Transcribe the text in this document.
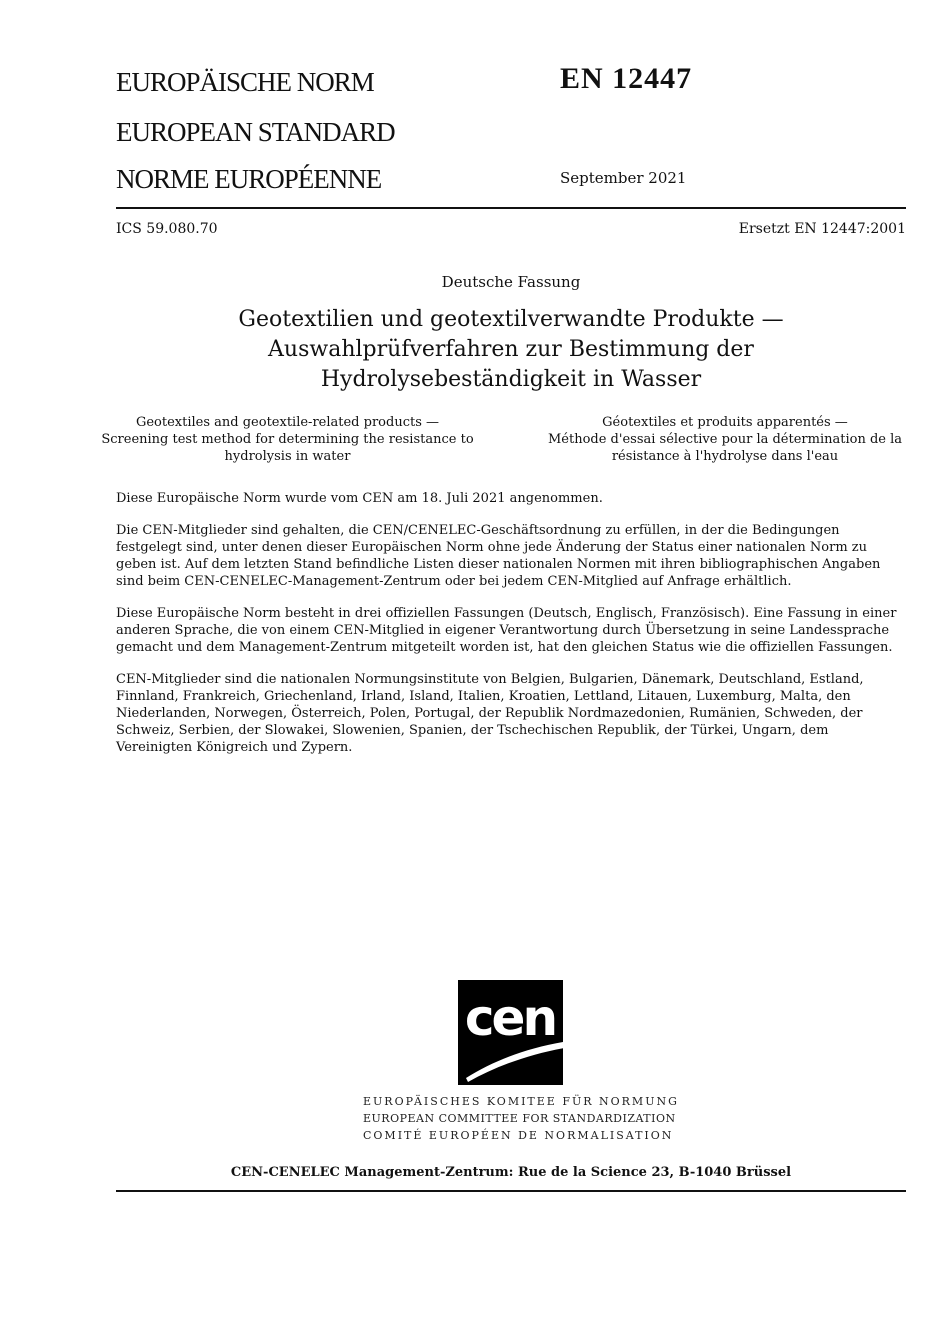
EUROPÄISCHE NORM
EUROPEAN STANDARD
NORME EUROPÉENNE
EN 12447
September 2021
ICS 59.080.70	Ersetzt EN 12447:2001
Deutsche Fassung
Geotextilien und geotextilverwandte Produkte —
Auswahlprüfverfahren zur Bestimmung der
Hydrolysebeständigkeit in Wasser
Geotextiles and geotextile-related products —
Screening test method for determining the resistance to
hydrolysis in water
Géotextiles et produits apparentés —
Méthode d'essai sélective pour la détermination de la
résistance à l'hydrolyse dans l'eau

Diese Europäische Norm wurde vom CEN am 18. Juli 2021 angenommen.

Die CEN-Mitglieder sind gehalten, die CEN/CENELEC-Geschäftsordnung zu erfüllen, in der die Bedingungen festgelegt sind, unter denen dieser Europäischen Norm ohne jede Änderung der Status einer nationalen Norm zu geben ist. Auf dem letzten Stand befindliche Listen dieser nationalen Normen mit ihren bibliographischen Angaben sind beim CEN-CENELEC-Management-Zentrum oder bei jedem CEN-Mitglied auf Anfrage erhältlich.

Diese Europäische Norm besteht in drei offiziellen Fassungen (Deutsch, Englisch, Französisch). Eine Fassung in einer anderen Sprache, die von einem CEN-Mitglied in eigener Verantwortung durch Übersetzung in seine Landessprache gemacht und dem Management-Zentrum mitgeteilt worden ist, hat den gleichen Status wie die offiziellen Fassungen.

CEN-Mitglieder sind die nationalen Normungsinstitute von Belgien, Bulgarien, Dänemark, Deutschland, Estland, Finnland, Frankreich, Griechenland, Irland, Island, Italien, Kroatien, Lettland, Litauen, Luxemburg, Malta, den Niederlanden, Norwegen, Österreich, Polen, Portugal, der Republik Nordmazedonien, Rumänien, Schweden, der Schweiz, Serbien, der Slowakei, Slowenien, Spanien, der Tschechischen Republik, der Türkei, Ungarn, dem Vereinigten Königreich und Zypern.

cen
EUROPÄISCHES KOMITEE FÜR NORMUNG
EUROPEAN COMMITTEE FOR STANDARDIZATION
COMITÉ EUROPÉEN DE NORMALISATION
CEN-CENELEC Management-Zentrum: Rue de la Science 23, B-1040 Brüssel
